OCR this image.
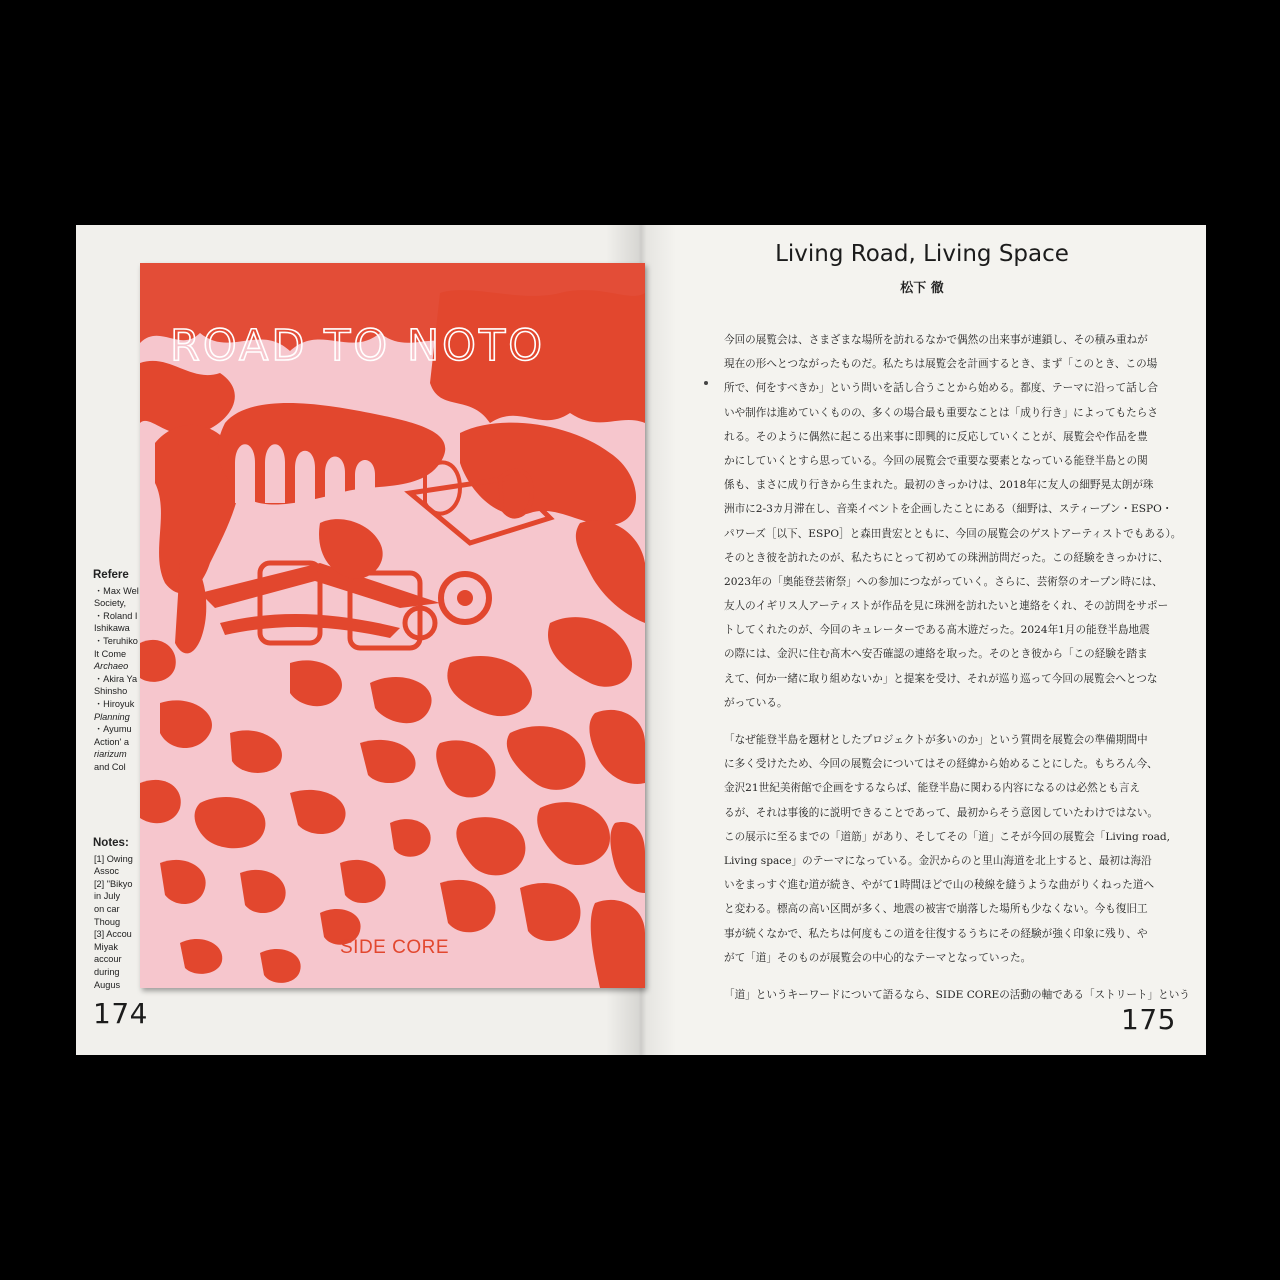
Refere
・Max Wel
Society,
・Roland I
Ishikawa
・Teruhiko
It Come
Archaeo
・Akira Ya
Shinsho
・Hiroyuk
Planning
・Ayumu
Action' a
riarizum
and Col
Notes:
[1] Owing
Assoc
[2] "Bikyo
in July
on car
Thoug
[3] Accou
Miyak
accour
during
Augus
174
Living Road, Living Space
松下 徹
今回の展覧会は、さまざまな場所を訪れるなかで偶然の出来事が連鎖し、その積み重ねが
現在の形へとつながったものだ。私たちは展覧会を計画するとき、まず「このとき、この場
所で、何をすべきか」という問いを話し合うことから始める。都度、テーマに沿って話し合
いや制作は進めていくものの、多くの場合最も重要なことは「成り行き」によってもたらさ
れる。そのように偶然に起こる出来事に即興的に反応していくことが、展覧会や作品を豊
かにしていくとすら思っている。今回の展覧会で重要な要素となっている能登半島との関
係も、まさに成り行きから生まれた。最初のきっかけは、2018年に友人の細野晃太朗が珠
洲市に2-3カ月滞在し、音楽イベントを企画したことにある（細野は、スティーブン・ESPO・
パワーズ［以下、ESPO］と森田貴宏とともに、今回の展覧会のゲストアーティストでもある）。
そのとき彼を訪れたのが、私たちにとって初めての珠洲訪問だった。この経験をきっかけに、
2023年の「奥能登芸術祭」への参加につながっていく。さらに、芸術祭のオープン時には、
友人のイギリス人アーティストが作品を見に珠洲を訪れたいと連絡をくれ、その訪問をサポー
トしてくれたのが、今回のキュレーターである髙木遊だった。2024年1月の能登半島地震
の際には、金沢に住む髙木へ安否確認の連絡を取った。そのとき彼から「この経験を踏ま
えて、何か一緒に取り組めないか」と提案を受け、それが巡り巡って今回の展覧会へとつな
がっている。
「なぜ能登半島を題材としたプロジェクトが多いのか」という質問を展覧会の準備期間中
に多く受けたため、今回の展覧会についてはその経緯から始めることにした。もちろん今、
金沢21世紀美術館で企画をするならば、能登半島に関わる内容になるのは必然とも言え
るが、それは事後的に説明できることであって、最初からそう意図していたわけではない。
この展示に至るまでの「道筋」があり、そしてその「道」こそが今回の展覧会「Living road,
Living space」のテーマになっている。金沢からのと里山海道を北上すると、最初は海沿
いをまっすぐ進む道が続き、やがて1時間ほどで山の稜線を縫うような曲がりくねった道へ
と変わる。標高の高い区間が多く、地震の被害で崩落した場所も少なくない。今も復旧工
事が続くなかで、私たちは何度もこの道を往復するうちにその経験が強く印象に残り、や
がて「道」そのものが展覧会の中心的なテーマとなっていった。
「道」というキーワードについて語るなら、SIDE COREの活動の軸である「ストリート」という
175
ROAD TO NOTO
SIDE CORE
